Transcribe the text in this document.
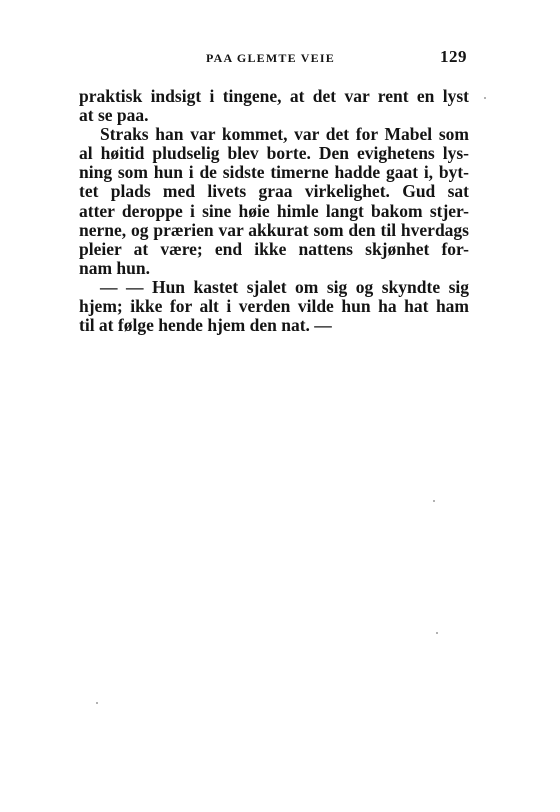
PAA GLEMTE VEIE	129
praktisk indsigt i tingene, at det var rent en lyst
at se paa.
Straks han var kommet, var det for Mabel som
al høitid pludselig blev borte. Den evighetens lys-
ning som hun i de sidste timerne hadde gaat i, byt-
tet plads med livets graa virkelighet. Gud sat
atter deroppe i sine høie himle langt bakom stjer-
nerne, og prærien var akkurat som den til hverdags
pleier at være; end ikke nattens skjønhet for-
nam hun.
— — Hun kastet sjalet om sig og skyndte sig
hjem; ikke for alt i verden vilde hun ha hat ham
til at følge hende hjem den nat. —
